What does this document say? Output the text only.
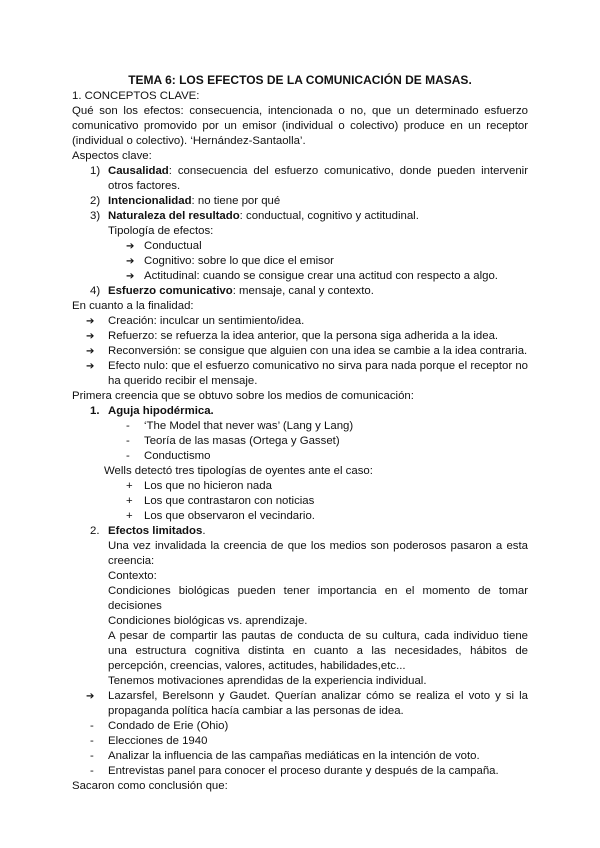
TEMA 6: LOS EFECTOS DE LA COMUNICACIÓN DE MASAS.
1. CONCEPTOS CLAVE:
Qué son los efectos: consecuencia, intencionada o no, que un determinado esfuerzo comunicativo promovido por un emisor (individual o colectivo) produce en un receptor (individual o colectivo). ‘Hernández-Santaolla’.
Aspectos clave:
1) Causalidad: consecuencia del esfuerzo comunicativo, donde pueden intervenir otros factores.
2) Intencionalidad: no tiene por qué
3) Naturaleza del resultado: conductual, cognitivo y actitudinal.
Tipología de efectos:
➔ Conductual
➔ Cognitivo: sobre lo que dice el emisor
➔ Actitudinal: cuando se consigue crear una actitud con respecto a algo.
4) Esfuerzo comunicativo: mensaje, canal y contexto.
En cuanto a la finalidad:
➔ Creación: inculcar un sentimiento/idea.
➔ Refuerzo: se refuerza la idea anterior, que la persona siga adherida a la idea.
➔ Reconversión: se consigue que alguien con una idea se cambie a la idea contraria.
➔ Efecto nulo: que el esfuerzo comunicativo no sirva para nada porque el receptor no ha querido recibir el mensaje.
Primera creencia que se obtuvo sobre los medios de comunicación:
1. Aguja hipodérmica.
- ‘The Model that never was’ (Lang y Lang)
- Teoría de las masas (Ortega y Gasset)
- Conductismo
Wells detectó tres tipologías de oyentes ante el caso:
+ Los que no hicieron nada
+ Los que contrastaron con noticias
+ Los que observaron el vecindario.
2. Efectos limitados.
Una vez invalidada la creencia de que los medios son poderosos pasaron a esta creencia:
Contexto:
Condiciones biológicas pueden tener importancia en el momento de tomar decisiones
Condiciones biológicas vs. aprendizaje.
A pesar de compartir las pautas de conducta de su cultura, cada individuo tiene una estructura cognitiva distinta en cuanto a las necesidades, hábitos de percepción, creencias, valores, actitudes, habilidades,etc...
Tenemos motivaciones aprendidas de la experiencia individual.
➔ Lazarsfel, Berelsonn y Gaudet. Querían analizar cómo se realiza el voto y si la propaganda política hacía cambiar a las personas de idea.
- Condado de Erie (Ohio)
- Elecciones de 1940
- Analizar la influencia de las campañas mediáticas en la intención de voto.
- Entrevistas panel para conocer el proceso durante y después de la campaña.
Sacaron como conclusión que:
